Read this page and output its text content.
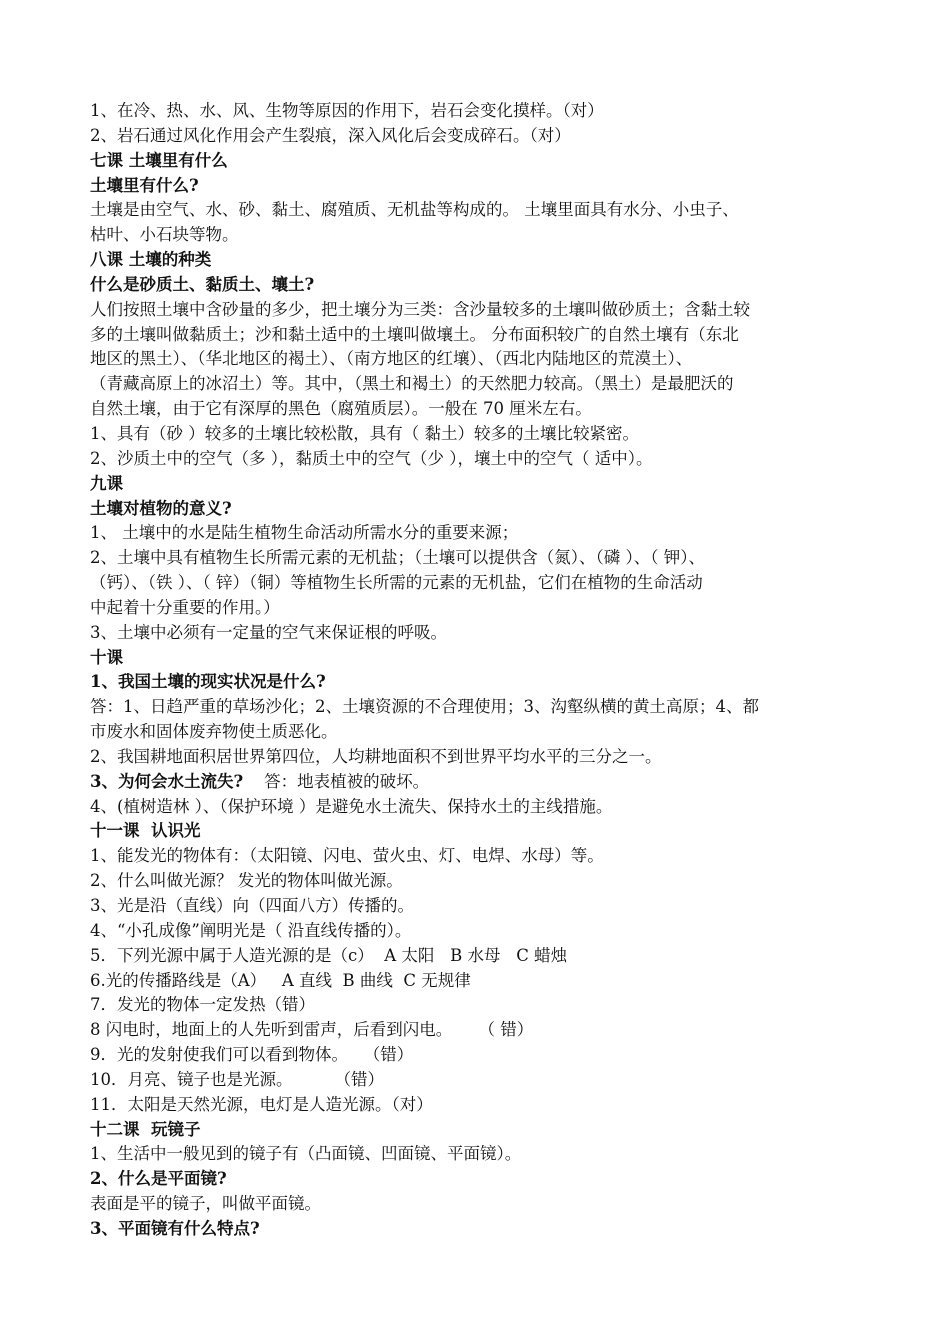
1、在冷、热、水、风、生物等原因的作用下，岩石会变化摸样。（对）
2、岩石通过风化作用会产生裂痕，深入风化后会变成碎石。（对）
七课 土壤里有什么
土壤里有什么?
土壤是由空气、水、砂、黏土、腐殖质、无机盐等构成的。 土壤里面具有水分、小虫子、
枯叶、小石块等物。
八课 土壤的种类
什么是砂质土、黏质土、壤土?
人们按照土壤中含砂量的多少，把土壤分为三类：含沙量较多的土壤叫做砂质土；含黏土较
多的土壤叫做黏质土；沙和黏土适中的土壤叫做壤土。 分布面积较广的自然土壤有（东北
地区的黑土）、（华北地区的褐土）、（南方地区的红壤）、（西北内陆地区的荒漠土）、
（青藏高原上的冰沼土）等。其中，（黑土和褐土）的天然肥力较高。（黑土）是最肥沃的
自然土壤，由于它有深厚的黑色（腐殖质层）。一般在 70 厘米左右。
1、具有（砂 ）较多的土壤比较松散，具有（ 黏土）较多的土壤比较紧密。
2、沙质土中的空气（多 ），黏质土中的空气（少 ），壤土中的空气（ 适中）。
九课
土壤对植物的意义?
1、 土壤中的水是陆生植物生命活动所需水分的重要来源；
2、土壤中具有植物生长所需元素的无机盐；（土壤可以提供含（氮）、（磷 ）、（ 钾）、
（钙）、（铁 ）、（ 锌）（铜）等植物生长所需的元素的无机盐，它们在植物的生命活动
中起着十分重要的作用。）
3、土壤中必须有一定量的空气来保证根的呼吸。
十课
1、我国土壤的现实状况是什么?
答：1、日趋严重的草场沙化；2、土壤资源的不合理使用；3、沟壑纵横的黄土高原；4、都
市废水和固体废弃物使土质恶化。
2、我国耕地面积居世界第四位，人均耕地面积不到世界平均水平的三分之一。
3、为何会水土流失?    答：地表植被的破坏。
4、(植树造林 ）、（保护环境 ）是避免水土流失、保持水土的主线措施。
十一课  认识光
1、能发光的物体有：（太阳镜、闪电、萤火虫、灯、电焊、水母）等。
2、什么叫做光源？ 发光的物体叫做光源。
3、光是沿（直线）向（四面八方）传播的。
4、“小孔成像”阐明光是（ 沿直线传播的）。
5．下列光源中属于人造光源的是（c）  A 太阳   B 水母   C 蜡烛
6.光的传播路线是（A）   A 直线  B 曲线  C 无规律
7．发光的物体一定发热（错）
8 闪电时，地面上的人先听到雷声，后看到闪电。     （ 错）
9．光的发射使我们可以看到物体。   （错）
10．月亮、镜子也是光源。        （错）
11．太阳是天然光源，电灯是人造光源。（对）
十二课  玩镜子
1、生活中一般见到的镜子有（凸面镜、凹面镜、平面镜）。
2、什么是平面镜?
表面是平的镜子，叫做平面镜。
3、平面镜有什么特点?
